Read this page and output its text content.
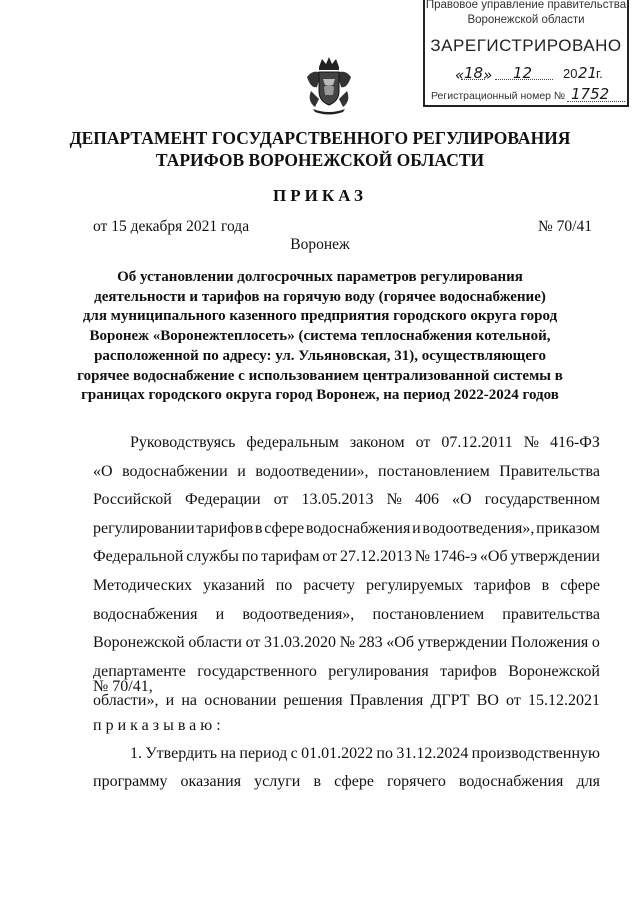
Правовое управление правительства
Воронежской области
ЗАРЕГИСТРИРОВАНО
« 18 » 12 20 21
г.
Регистрационный номер № 1752
ДЕПАРТАМЕНТ ГОСУДАРСТВЕННОГО РЕГУЛИРОВАНИЯ
ТАРИФОВ ВОРОНЕЖСКОЙ ОБЛАСТИ
ПРИКАЗ
от 15 декабря 2021 года	№ 70/41
Воронеж
Об установлении долгосрочных параметров регулирования
деятельности и тарифов на горячую воду (горячее водоснабжение)
для муниципального казенного предприятия городского округа город
Воронеж «Воронежтеплосеть» (система теплоснабжения котельной,
расположенной по адресу: ул. Ульяновская, 31), осуществляющего
горячее водоснабжение с использованием централизованной системы в
границах городского округа город Воронеж, на период 2022-2024 годов
№ 70/41,
приказываю:
Руководствуясь федеральным законом от 07.12.2011 № 416-ФЗ
«О водоснабжении и водоотведении», постановлением Правительства
Российской Федерации от 13.05.2013 № 406 «О государственном
регулировании тарифов в сфере водоснабжения и водоотведения», приказом
Федеральной службы по тарифам от 27.12.2013 № 1746-э «Об утверждении
Методических указаний по расчету регулируемых тарифов в сфере
водоснабжения и водоотведения», постановлением правительства
Воронежской области от 31.03.2020 № 283 «Об утверждении Положения о
департаменте государственного регулирования тарифов Воронежской
области», и на основании решения Правления ДГРТ ВО от 15.12.2021
1. Утвердить на период с 01.01.2022 по 31.12.2024 производственную
программу оказания услуги в сфере горячего водоснабжения для
